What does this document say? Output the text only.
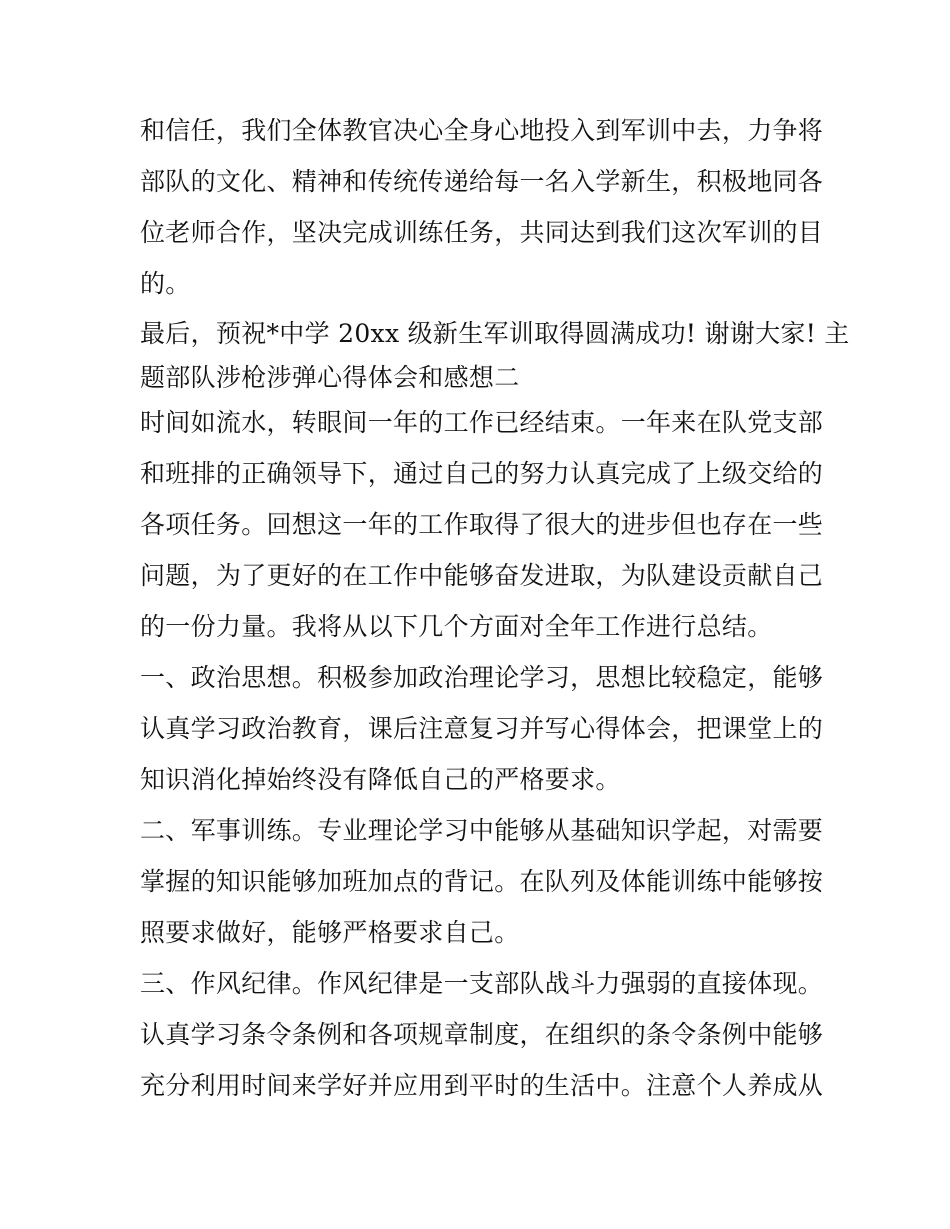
和信任，我们全体教官决心全身心地投入到军训中去，力争将
部队的文化、精神和传统传递给每一名入学新生，积极地同各
位老师合作，坚决完成训练任务，共同达到我们这次军训的目
的。
最后，预祝*中学 20xx 级新生军训取得圆满成功! 谢谢大家! 主
题部队涉枪涉弹心得体会和感想二
时间如流水，转眼间一年的工作已经结束。一年来在队党支部
和班排的正确领导下，通过自己的努力认真完成了上级交给的
各项任务。回想这一年的工作取得了很大的进步但也存在一些
问题，为了更好的在工作中能够奋发进取，为队建设贡献自己
的一份力量。我将从以下几个方面对全年工作进行总结。
一、政治思想。积极参加政治理论学习，思想比较稳定，能够
认真学习政治教育，课后注意复习并写心得体会，把课堂上的
知识消化掉始终没有降低自己的严格要求。
二、军事训练。专业理论学习中能够从基础知识学起，对需要
掌握的知识能够加班加点的背记。在队列及体能训练中能够按
照要求做好，能够严格要求自己。
三、作风纪律。作风纪律是一支部队战斗力强弱的直接体现。
认真学习条令条例和各项规章制度，在组织的条令条例中能够
充分利用时间来学好并应用到平时的生活中。注意个人养成从
